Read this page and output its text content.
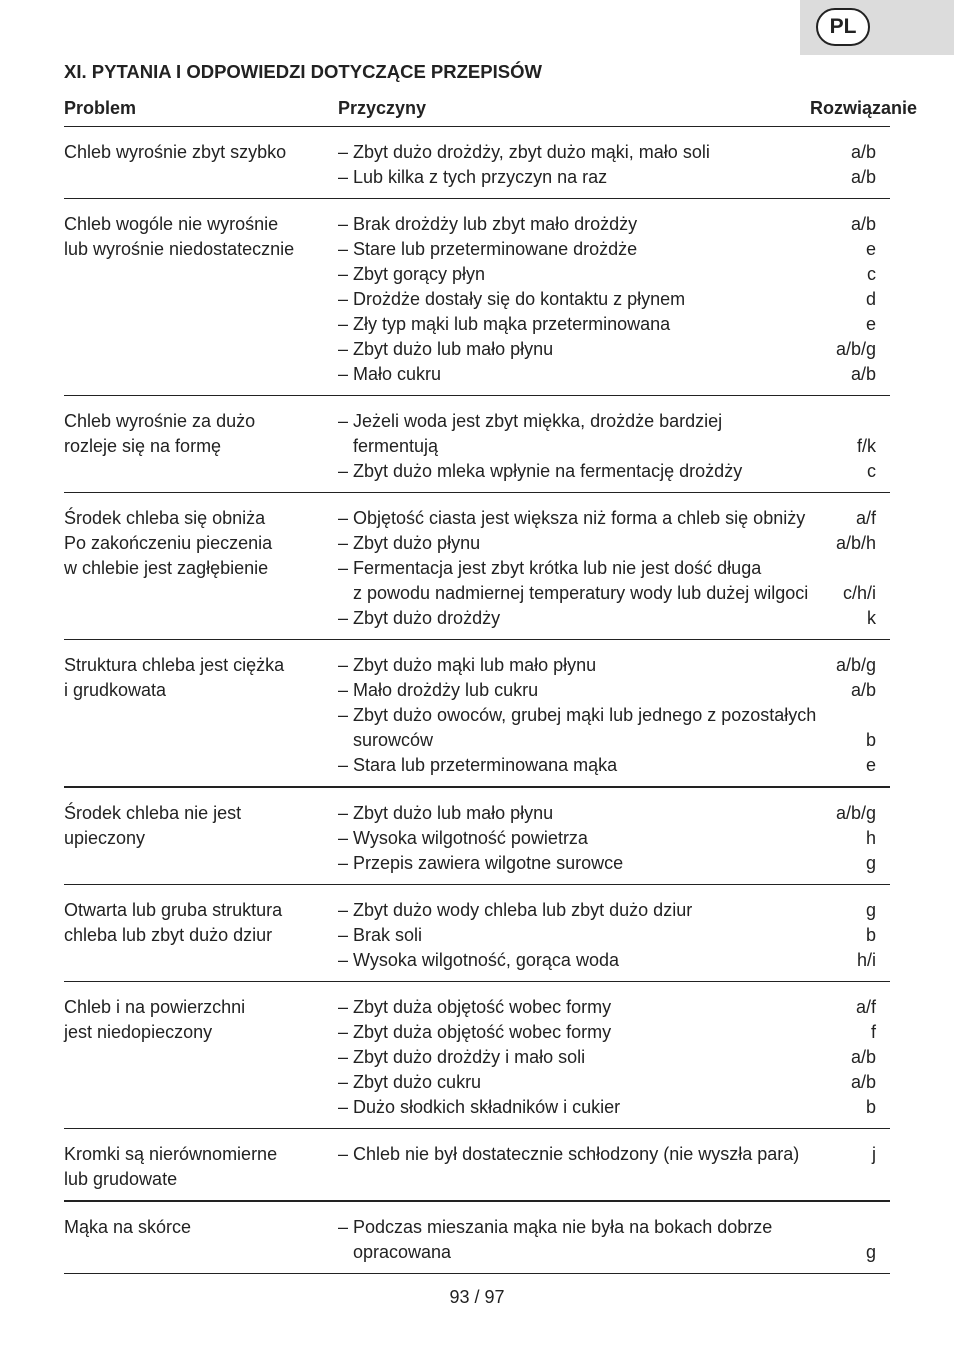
PL
XI. PYTANIA I ODPOWIEDZI DOTYCZĄCE PRZEPISÓW
Problem	Przyczyny	Rozwiązanie
Chleb wyrośnie zbyt szybko	– Zbyt dużo drożdży, zbyt dużo mąki, mało soli	a/b
– Lub kilka z tych przyczyn na raz	a/b
Chleb wogóle nie wyrośnie
lub wyrośnie niedostatecznie
– Brak drożdży lub zbyt mało drożdży	a/b
– Stare lub przeterminowane drożdże	e
– Zbyt gorący płyn	c
– Drożdże dostały się do kontaktu z płynem	d
– Zły typ mąki lub mąka przeterminowana	e
– Zbyt dużo lub mało płynu	a/b/g
– Mało cukru	a/b
Chleb wyrośnie za dużo
rozleje się na formę
– Jeżeli woda jest zbyt miękka, drożdże bardziej
fermentują	f/k
– Zbyt dużo mleka wpłynie na fermentację drożdży	c
Środek chleba się obniża
Po zakończeniu pieczenia
w chlebie jest zagłębienie
– Objętość ciasta jest większa niż forma a chleb się obniży	a/f
– Zbyt dużo płynu	a/b/h
– Fermentacja jest zbyt krótka lub nie jest dość długa
z powodu nadmiernej temperatury wody lub dużej wilgoci	c/h/i
– Zbyt dużo drożdży	k
Struktura chleba jest ciężka
i grudkowata
– Zbyt dużo mąki lub mało płynu	a/b/g
– Mało drożdży lub cukru	a/b
– Zbyt dużo owoców, grubej mąki lub jednego z pozostałych
surowców	b
– Stara lub przeterminowana mąka	e
Środek chleba nie jest
upieczony
– Zbyt dużo lub mało płynu	a/b/g
– Wysoka wilgotność powietrza	h
– Przepis zawiera wilgotne surowce	g
Otwarta lub gruba struktura
chleba lub zbyt dużo dziur
– Zbyt dużo wody chleba lub zbyt dużo dziur	g
– Brak soli	b
– Wysoka wilgotność, gorąca woda	h/i
Chleb i na powierzchni
jest niedopieczony
– Zbyt duża objętość wobec formy	a/f
– Zbyt duża objętość wobec formy	f
– Zbyt dużo drożdży i mało soli	a/b
– Zbyt dużo cukru	a/b
– Dużo słodkich składników i cukier	b
Kromki są nierównomierne
lub grudowate
– Chleb nie był dostatecznie schłodzony (nie wyszła para)	j
Mąka na skórce	– Podczas mieszania mąka nie była na bokach dobrze
opracowana	g
93 / 97
